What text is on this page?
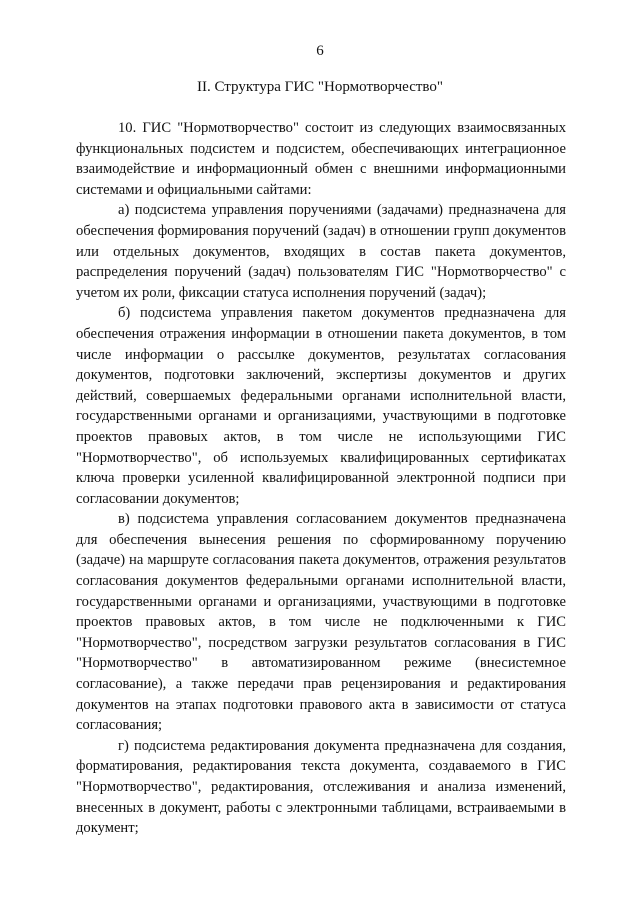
6
II. Структура ГИС "Нормотворчество"

10. ГИС "Нормотворчество" состоит из следующих взаимосвязанных функциональных подсистем и подсистем, обеспечивающих интеграционное взаимодействие и информационный обмен с внешними информационными системами и официальными сайтами:

а) подсистема управления поручениями (задачами) предназначена для обеспечения формирования поручений (задач) в отношении групп документов или отдельных документов, входящих в состав пакета документов, распределения поручений (задач) пользователям ГИС "Нормотворчество" с учетом их роли, фиксации статуса исполнения поручений (задач);

б) подсистема управления пакетом документов предназначена для обеспечения отражения информации в отношении пакета документов, в том числе информации о рассылке документов, результатах согласования документов, подготовки заключений, экспертизы документов и других действий, совершаемых федеральными органами исполнительной власти, государственными органами и организациями, участвующими в подготовке проектов правовых актов, в том числе не использующими ГИС "Нормотворчество", об используемых квалифицированных сертификатах ключа проверки усиленной квалифицированной электронной подписи при согласовании документов;

в) подсистема управления согласованием документов предназначена для обеспечения вынесения решения по сформированному поручению (задаче) на маршруте согласования пакета документов, отражения результатов согласования документов федеральными органами исполнительной власти, государственными органами и организациями, участвующими в подготовке проектов правовых актов, в том числе не подключенными к ГИС "Нормотворчество", посредством загрузки результатов согласования в ГИС "Нормотворчество" в автоматизированном режиме (внесистемное согласование), а также передачи прав рецензирования и редактирования документов на этапах подготовки правового акта в зависимости от статуса согласования;

г) подсистема редактирования документа предназначена для создания, форматирования, редактирования текста документа, создаваемого в ГИС "Нормотворчество", редактирования, отслеживания и анализа изменений, внесенных в документ, работы с электронными таблицами, встраиваемыми в документ;
